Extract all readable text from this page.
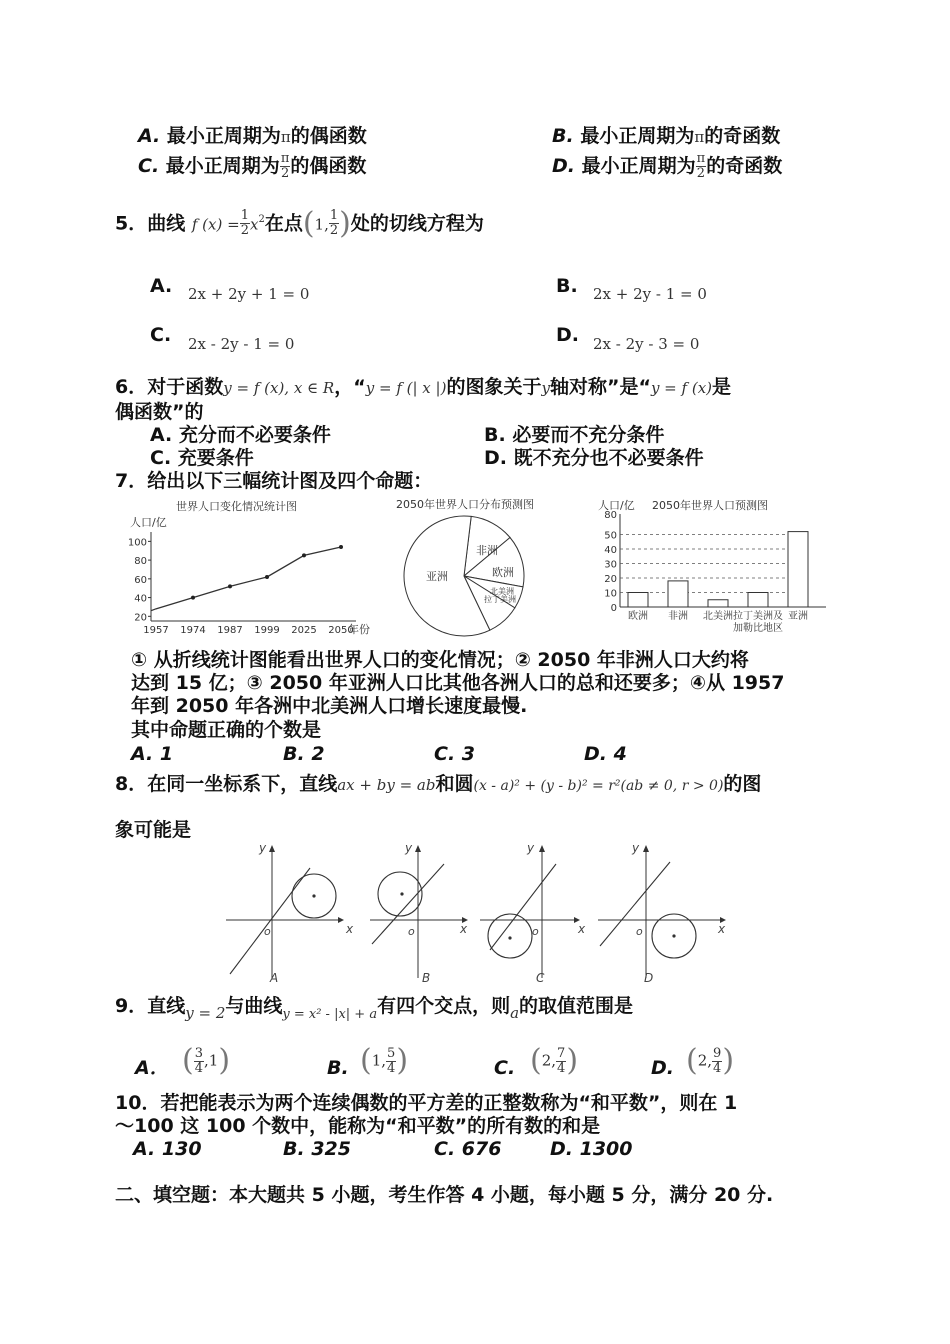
A. 最小正周期为π的偶函数	B. 最小正周期为π的奇函数
C. 最小正周期为 $\frac{\pi}{2}$ 的偶函数	D. 最小正周期为 $\frac{\pi}{2}$ 的奇函数
5．曲线 f $(x) = \frac{1}{2} x^2$在点(1, $\frac{1}{2}$ )处的切线方程为
A. 2x + 2y + 1 = 0	B. 2x + 2y - 1 = 0
C. 2x - 2y - 1 = 0	D. 2x - 2y - 3 = 0
6．对于函数y = f (x), x ∈ R，“y = f (| x |)的图象关于y轴对称”是“y = f (x)是
偶函数”的
A. 充分而不必要条件	B. 必要而不充分条件
C. 充要条件	D. 既不充分也不必要条件
7．给出以下三幅统计图及四个命题：
世界人口变化情况统计图
人口/亿
20
40
60
80
100
1957 1974 1987 1999 2025 2050
年份
2050年世界人口分布预测图
非洲
欧洲
北美洲
拉丁美洲
亚洲
人口/亿 2050年世界人口预测图
0
10
20
30
40
50
80
欧洲 非洲 北美洲 拉丁美洲及
加勒比地区
亚洲
① 从折线统计图能看出世界人口的变化情况；② 2050 年非洲人口大约将
达到 15 亿；③ 2050 年亚洲人口比其他各洲人口的总和还要多；④从 1957
年到 2050 年各洲中北美洲人口增长速度最慢.
其中命题正确的个数是
A. 1	B. 2	C. 3	D. 4
8．在同一坐标系下，直线ax + by = ab和圆(x - a)² + (y - b)² = r²(ab ≠ 0, r > 0)的图
象可能是
y
x
o
A
y
x
o
B
y
x
o
C
y
x
o
D
9．直线$_{y = 2}$与曲线$_{y = x^2 - |x| + a}$有四个交点，则$_a$的取值范围是
A． ( $\frac{3}{4} ,1$)	B. (1, $\frac{5}{4}$ )	C. (2, $\frac{7}{4}$ )	D. (2, $\frac{9}{4}$ )
10．若把能表示为两个连续偶数的平方差的正整数称为“和平数”，则在 1
～100 这 100 个数中，能称为“和平数”的所有数的和是
A. 130	B. 325	C. 676	D. 1300
二、填空题：本大题共 5 小题，考生作答 4 小题，每小题 5 分，满分 20 分.
